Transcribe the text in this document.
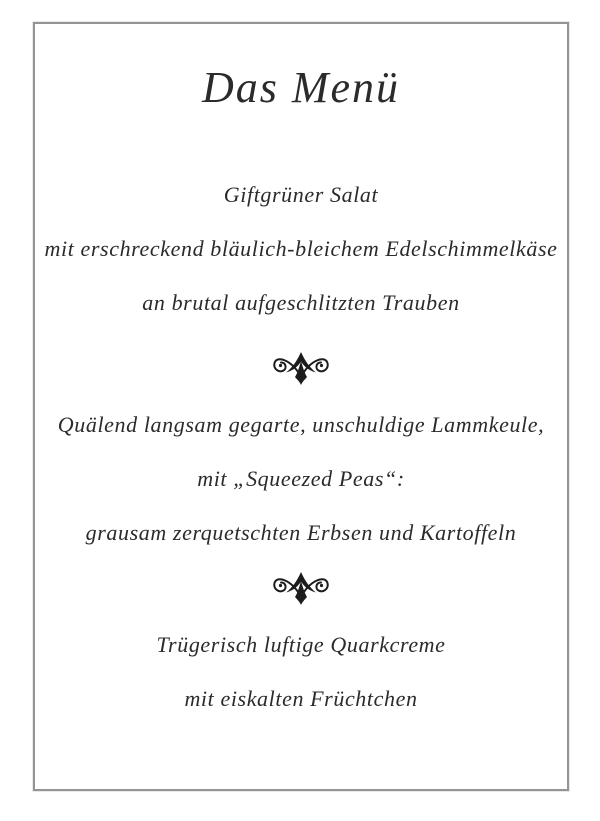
Das Menü
Giftgrüner Salat
mit erschreckend bläulich-bleichem Edelschimmelkäse
an brutal aufgeschlitzten Trauben
Quälend langsam gegarte, unschuldige Lammkeule,
mit „Squeezed Peas“:
grausam zerquetschten Erbsen und Kartoffeln
Trügerisch luftige Quarkcreme
mit eiskalten Früchtchen
